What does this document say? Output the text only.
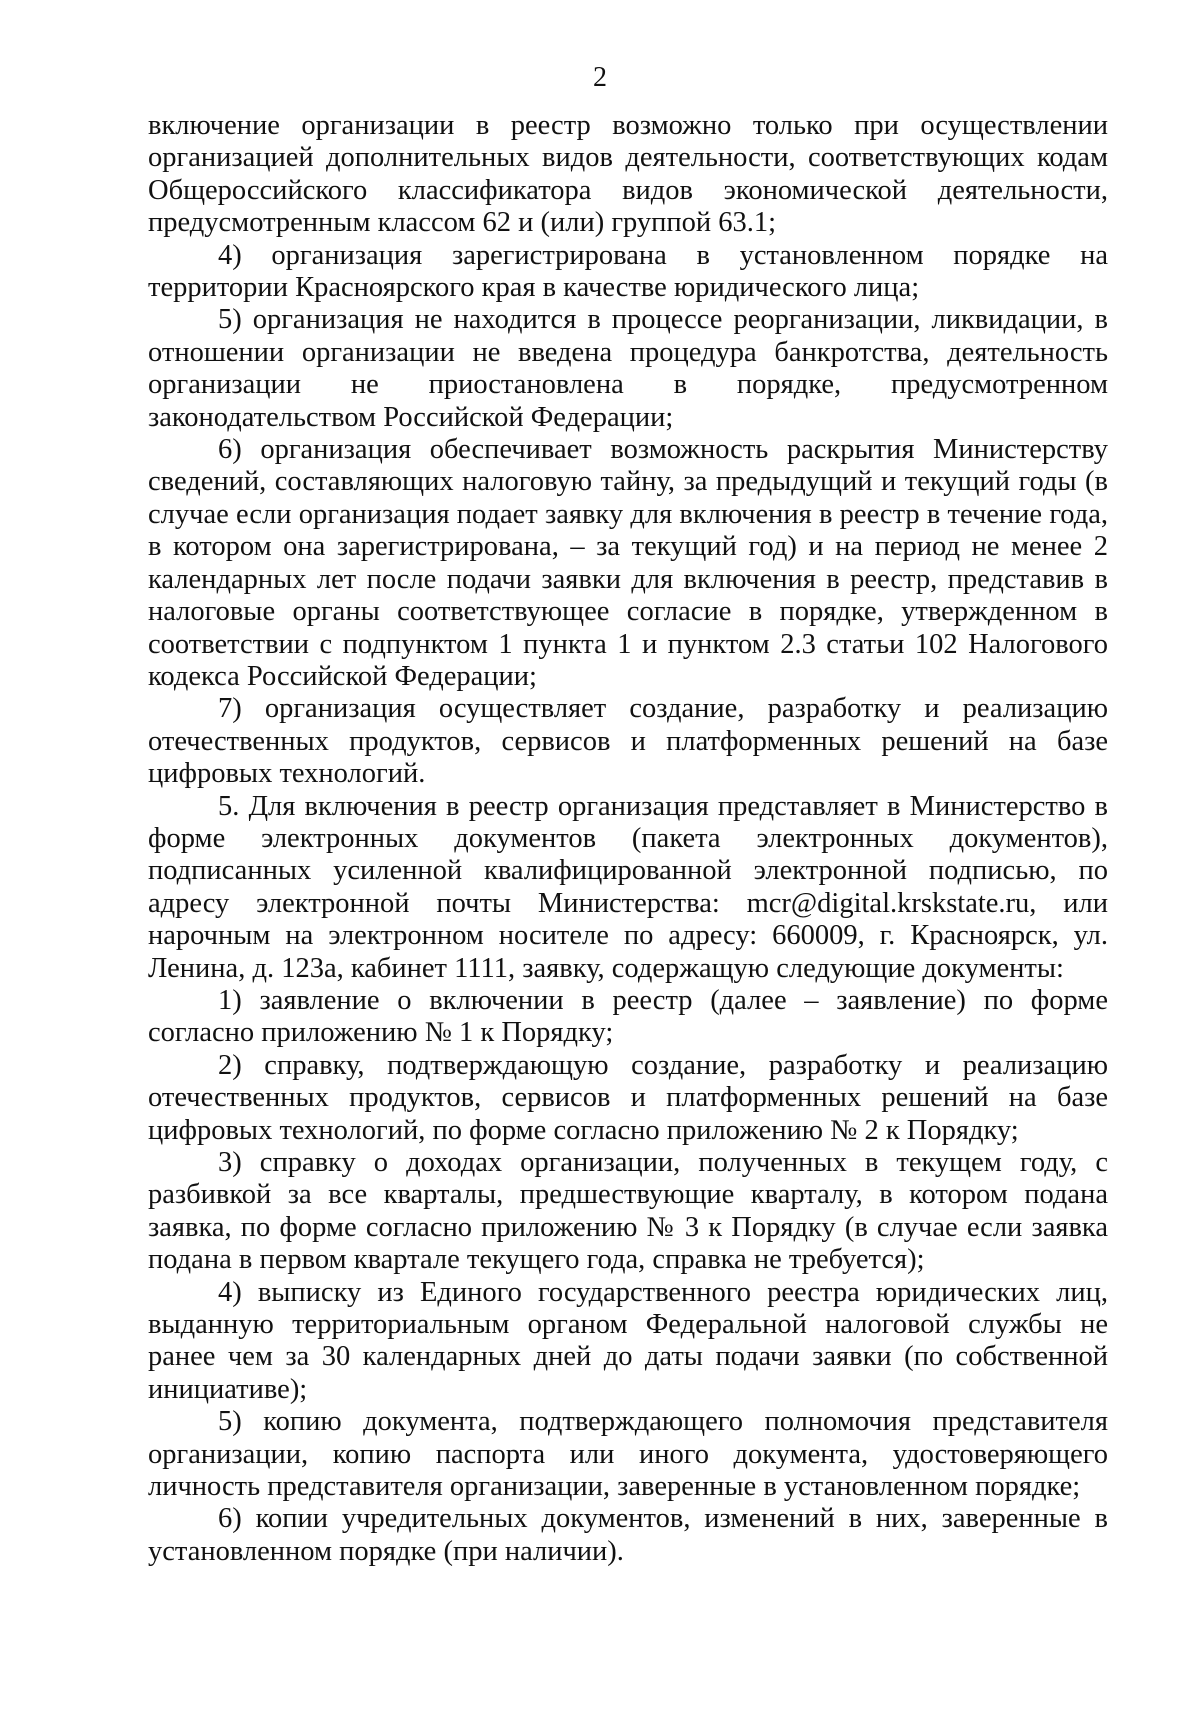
2

включение организации в реестр возможно только при осуществлении организацией дополнительных видов деятельности, соответствующих кодам Общероссийского классификатора видов экономической деятельности, предусмотренным классом 62 и (или) группой 63.1;

4) организация зарегистрирована в установленном порядке на территории Красноярского края в качестве юридического лица;

5) организация не находится в процессе реорганизации, ликвидации, в отношении организации не введена процедура банкротства, деятельность организации не приостановлена в порядке, предусмотренном законодательством Российской Федерации;

6) организация обеспечивает возможность раскрытия Министерству сведений, составляющих налоговую тайну, за предыдущий и текущий годы (в случае если организация подает заявку для включения в реестр в течение года, в котором она зарегистрирована, – за текущий год) и на период не менее 2 календарных лет после подачи заявки для включения в реестр, представив в налоговые органы соответствующее согласие в порядке, утвержденном в соответствии с подпунктом 1 пункта 1 и пунктом 2.3 статьи 102 Налогового кодекса Российской Федерации;

7) организация осуществляет создание, разработку и реализацию отечественных продуктов, сервисов и платформенных решений на базе цифровых технологий.

5. Для включения в реестр организация представляет в Министерство в форме электронных документов (пакета электронных документов), подписанных усиленной квалифицированной электронной подписью, по адресу электронной почты Министерства: mcr@digital.krskstate.ru, или нарочным на электронном носителе по адресу: 660009, г. Красноярск, ул. Ленина, д. 123а, кабинет 1111, заявку, содержащую следующие документы:

1) заявление о включении в реестр (далее – заявление) по форме согласно приложению № 1 к Порядку;

2) справку, подтверждающую создание, разработку и реализацию отечественных продуктов, сервисов и платформенных решений на базе цифровых технологий, по форме согласно приложению № 2 к Порядку;

3) справку о доходах организации, полученных в текущем году, с разбивкой за все кварталы, предшествующие кварталу, в котором подана заявка, по форме согласно приложению № 3 к Порядку (в случае если заявка подана в первом квартале текущего года, справка не требуется);

4) выписку из Единого государственного реестра юридических лиц, выданную территориальным органом Федеральной налоговой службы не ранее чем за 30 календарных дней до даты подачи заявки (по собственной инициативе);

5) копию документа, подтверждающего полномочия представителя организации, копию паспорта или иного документа, удостоверяющего личность представителя организации, заверенные в установленном порядке;

6) копии учредительных документов, изменений в них, заверенные в установленном порядке (при наличии).
